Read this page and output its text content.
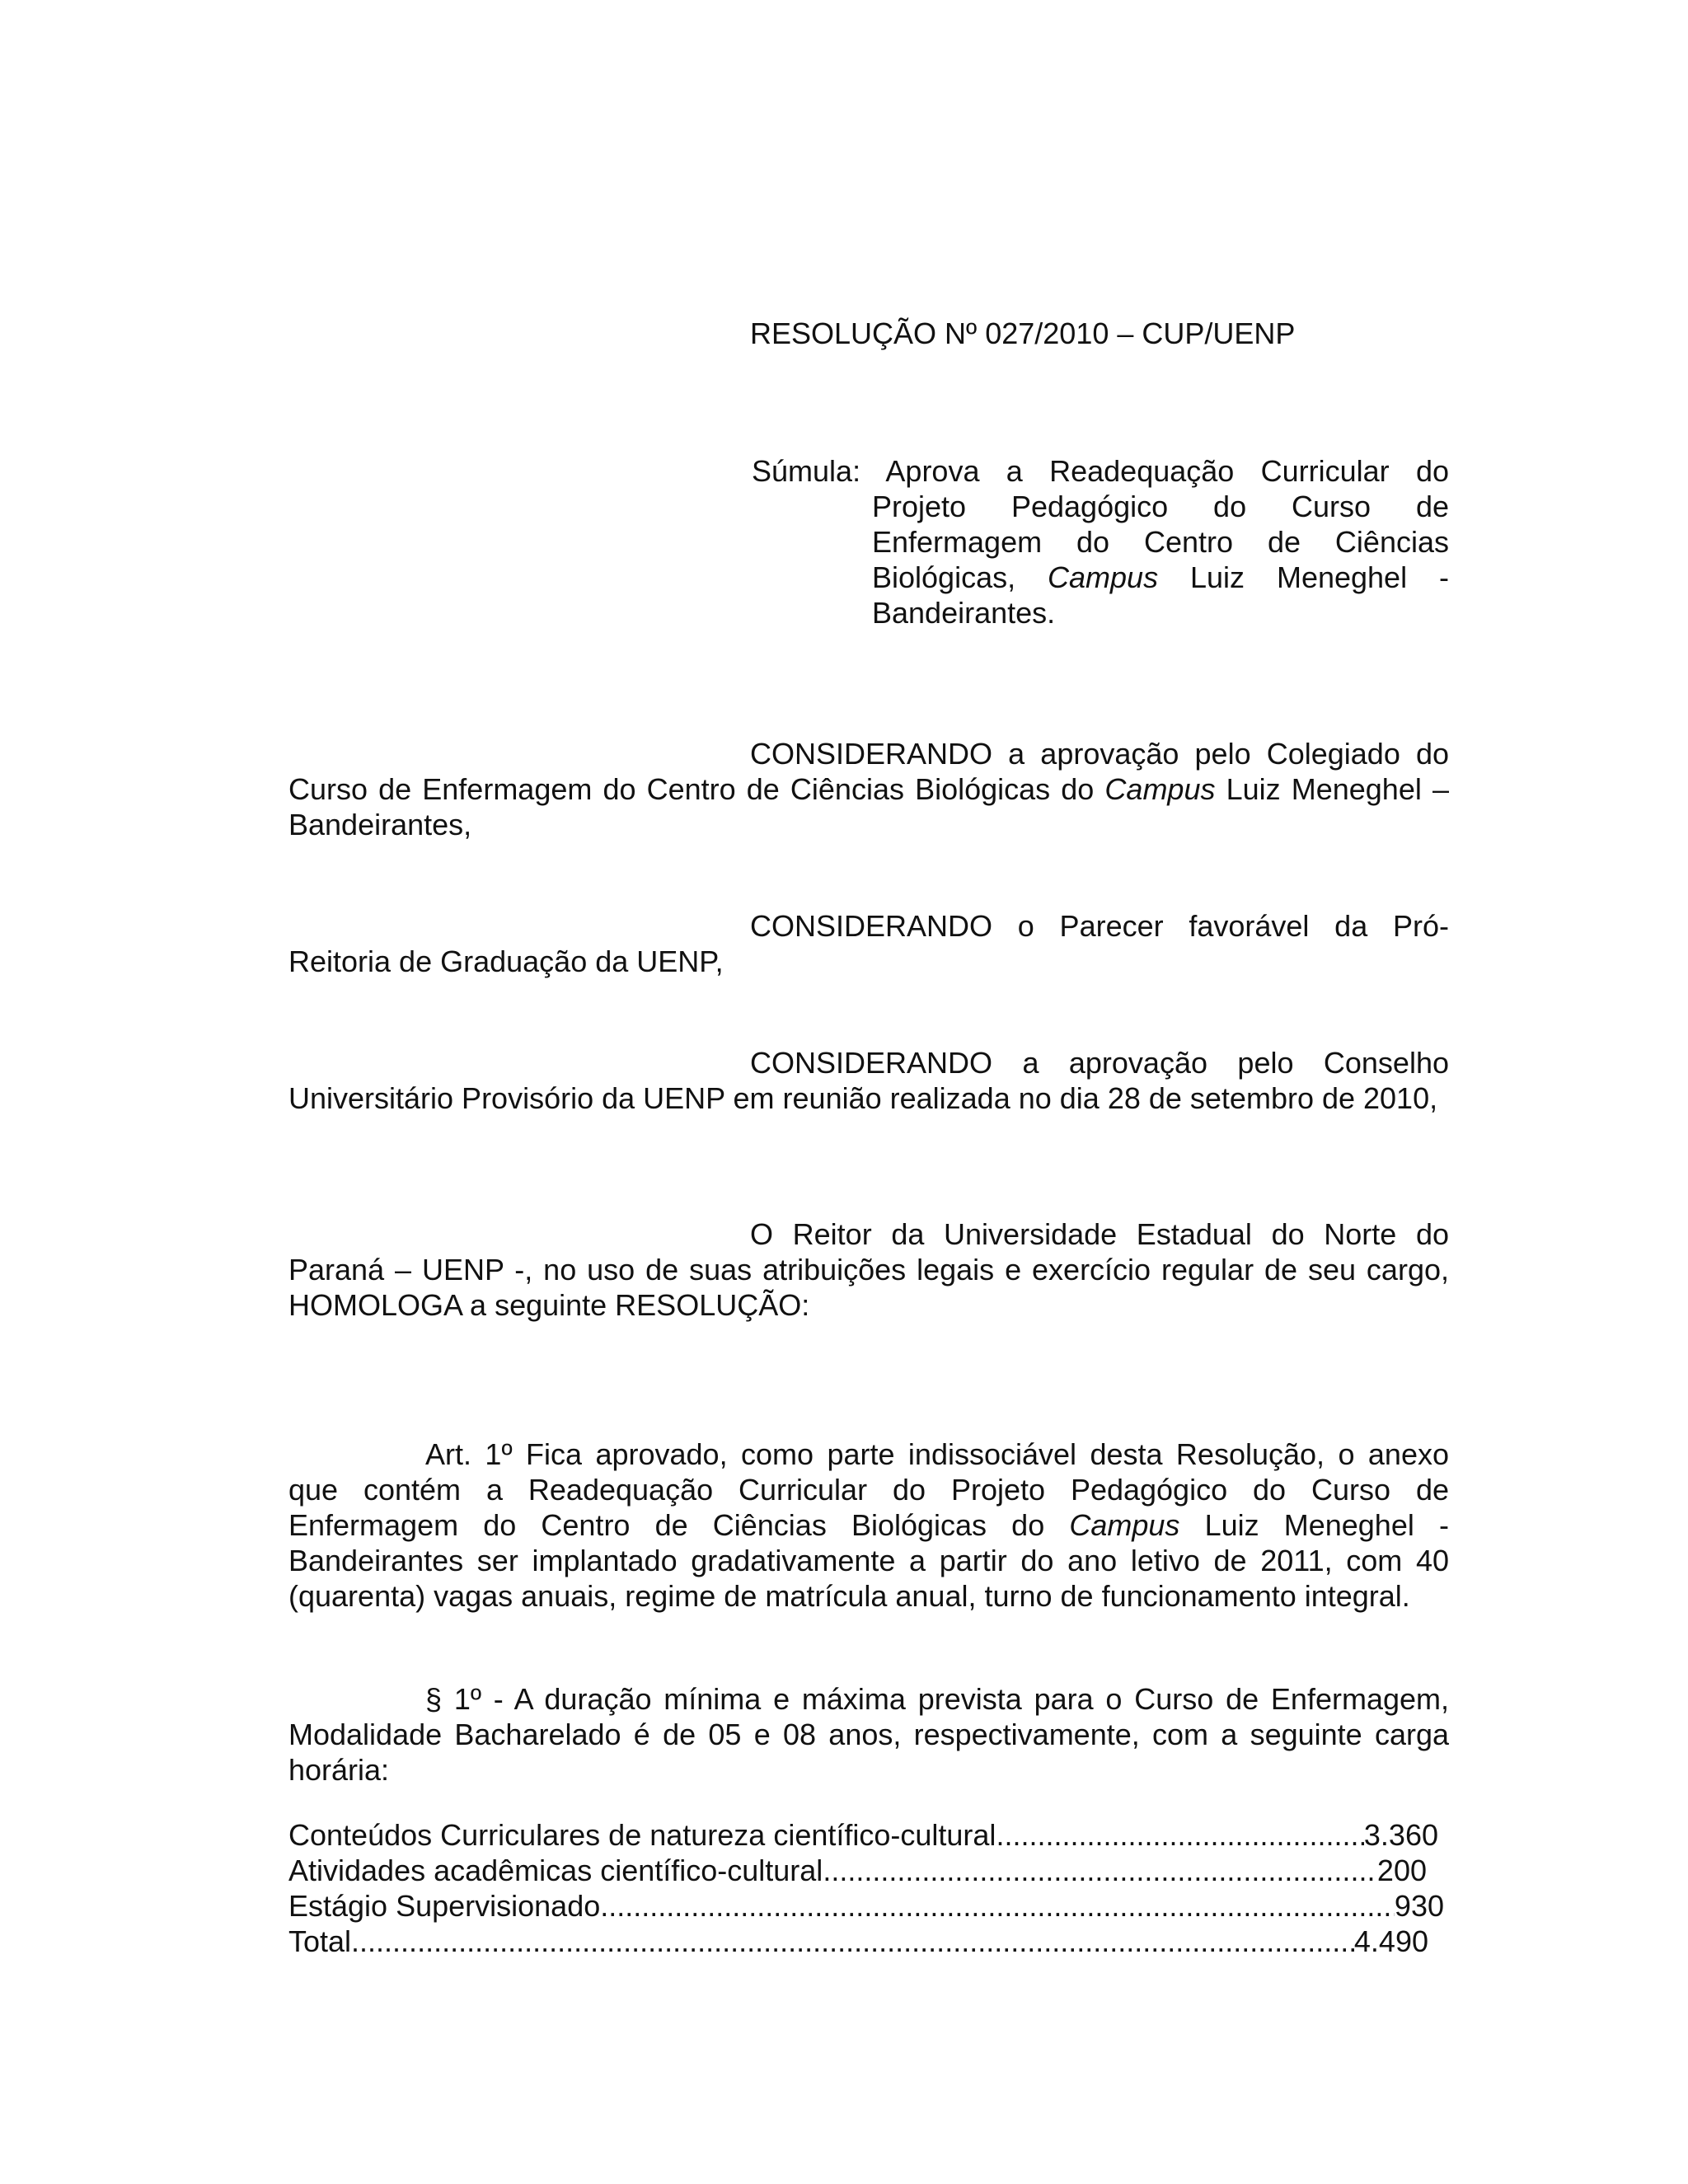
RESOLUÇÃO Nº 027/2010 – CUP/UENP
Súmula: Aprova a Readequação Curricular do Projeto Pedagógico do Curso de Enfermagem do Centro de Ciências Biológicas, Campus Luiz Meneghel - Bandeirantes.
CONSIDERANDO a aprovação pelo Colegiado do Curso de Enfermagem do Centro de Ciências Biológicas do Campus Luiz Meneghel – Bandeirantes,
CONSIDERANDO o Parecer favorável da Pró-Reitoria de Graduação da UENP,
CONSIDERANDO a aprovação pelo Conselho Universitário Provisório da UENP em reunião realizada no dia 28 de setembro de 2010,
O Reitor da Universidade Estadual do Norte do Paraná – UENP -, no uso de suas atribuições legais e exercício regular de seu cargo, HOMOLOGA a seguinte RESOLUÇÃO:
Art. 1º Fica aprovado, como parte indissociável desta Resolução, o anexo que contém a Readequação Curricular do Projeto Pedagógico do Curso de Enfermagem do Centro de Ciências Biológicas do Campus Luiz Meneghel - Bandeirantes ser implantado gradativamente a partir do ano letivo de 2011, com 40 (quarenta) vagas anuais, regime de matrícula anual, turno de funcionamento integral.
§ 1º - A duração mínima e máxima prevista para o Curso de Enfermagem, Modalidade Bacharelado é de 05 e 08 anos, respectivamente, com a seguinte carga horária:
Conteúdos Curriculares de natureza científico-cultural .....	3.360
Atividades acadêmicas científico-cultural .....	200
Estágio Supervisionado .....	930
Total .....	4.490
